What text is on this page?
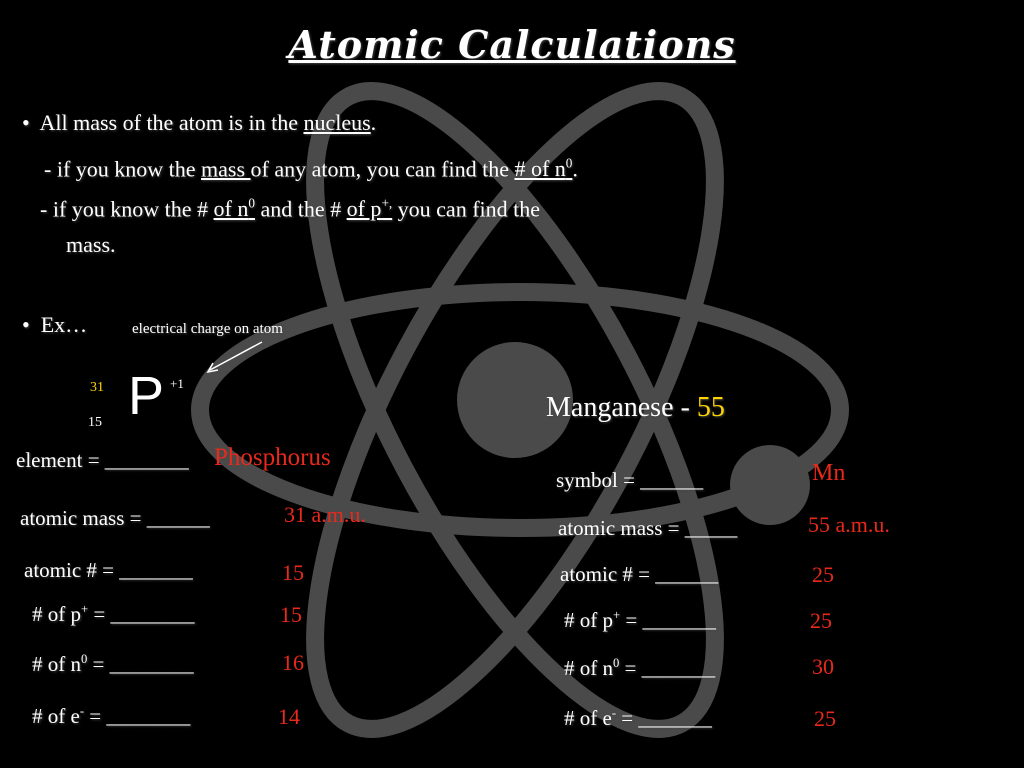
Atomic Calculations
•  All mass of the atom is in the nucleus.
- if you know the mass of any atom, you can find the # of $n^0$.
- if you know the # of $n^0$ and the # of p+, you can find the
mass.
•  Ex…	electrical charge on atom
31
15 P +1
element = ________ Phosphorus
atomic mass = ______	31 a.m.u.
atomic # = _______	15
# of p+ = ________	15
# of $n^0$ = ________	16
# of e- = ________	14
Manganese - 55
symbol = ______	Mn
atomic mass = _____	55 a.m.u.
atomic # = ______	25
# of p+ = _______	25
# of $n^0$ = _______	30
# of e- = _______	25
